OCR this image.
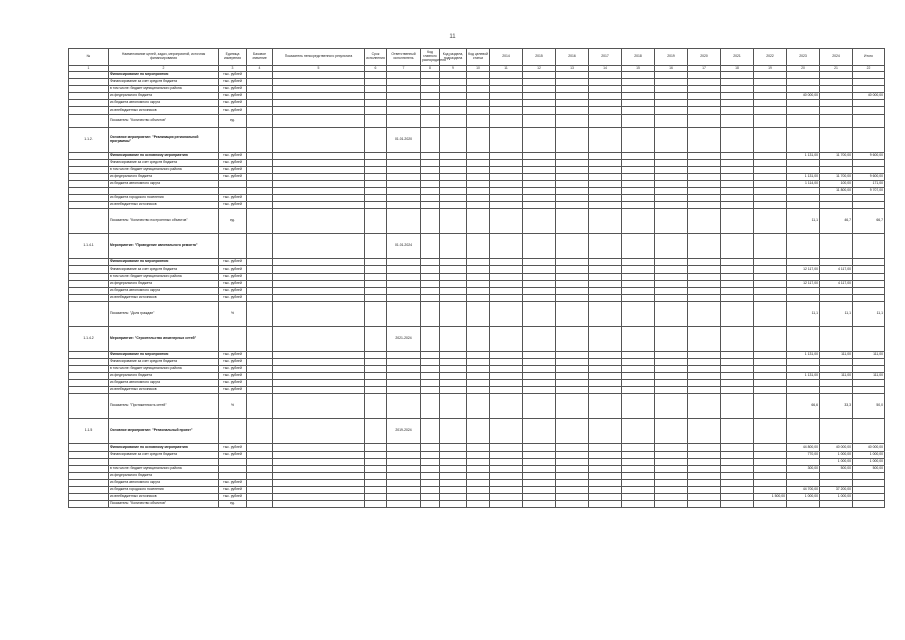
11
№	Наименование целей, задач, мероприятий, источник финансирования	Единица измерения	Базовое значение	Показатель непосредственного результата	Срок исполнения	Ответственный исполнитель	Код главного распорядителя	Код раздела, подраздела	Код целевой статьи	2014	2015	2016	2017	2018	2019	2020	2021	2022	2023	2024	Итого	
1	2	3	4	5	6	7	8	9	10	11	12	13	14	15	16	17	18	19	20	21	22	
	Финансирование по мероприятию	тыс. рублей																				
	Финансирование за счет средств бюджета	тыс. рублей																				
	в том числе: бюджет муниципального района	тыс. рублей																				
	из федерального бюджета	тыс. рублей																	40 000,00		40 000,00	
	из бюджета автономного округа	тыс. рублей																				
	из внебюджетных источников	тыс. рублей																				
	Показатель: "Количество объектов"	ед.																				
1.1.2.	Основное мероприятие: "Реализация региональной программы"					01.01.2020																
	Финансирование по основному мероприятию	тыс. рублей																	1 131,00	11 700,00	9 600,00	
	Финансирование за счет средств бюджета	тыс. рублей																				
	в том числе: бюджет муниципального района	тыс. рублей																				
	из федерального бюджета	тыс. рублей																	1 131,00	11 700,00	9 600,00	
	из бюджета автономного округа																		1 114,00	100,00	171,00	
																				11 800,00	9 707,00	
	из бюджета городского поселения	тыс. рублей																				
	из внебюджетных источников	тыс. рублей																				
	Показатель: "Количество построенных объектов"	ед.																	11,1	46,7	66,7	
1.1.4.1	Мероприятие: "Проведение капитального ремонта"					01.01.2024																
	Финансирование по мероприятию	тыс. рублей																				
	Финансирование за счет средств бюджета	тыс. рублей																	12 117,00	4 117,00		
	в том числе: бюджет муниципального района	тыс. рублей																				
	из федерального бюджета	тыс. рублей																	12 117,00	4 117,00		
	из бюджета автономного округа	тыс. рублей																				
	из внебюджетных источников	тыс. рублей																				
	Показатель: "Доля граждан"	%																	11,1	11,1	11,1	
1.1.4.2	Мероприятие: "Строительство инженерных сетей"					2021-2024																
	Финансирование по мероприятию	тыс. рублей																	1 131,00	111,00	111,00	
	Финансирование за счет средств бюджета	тыс. рублей																				
	в том числе: бюджет муниципального района	тыс. рублей																				
	из федерального бюджета	тыс. рублей																	1 131,00	111,00	111,00	
	из бюджета автономного округа	тыс. рублей																				
	из внебюджетных источников	тыс. рублей																				
	Показатель: "Протяженность сетей"	%																	66,6	33,3	50,0	
1.1.5	Основное мероприятие: "Региональный проект"					2019-2024																
	Финансирование по основному мероприятию	тыс. рублей																	44 800,00	40 000,00	40 000,00	
	Финансирование за счет средств бюджета	тыс. рублей																	770,00	1 000,00	1 000,00	
																				1 000,00	1 000,00	
	в том числе: бюджет муниципального района																		300,00	500,00	500,00	
	из федерального бюджета																					
	из бюджета автономного округа	тыс. рублей																				
	из бюджета городского поселения	тыс. рублей																	44 700,00	37 200,00		
	из внебюджетных источников	тыс. рублей																1 500,00	1 000,00	1 000,00		
	Показатель: "Количество объектов"	ед.																				
